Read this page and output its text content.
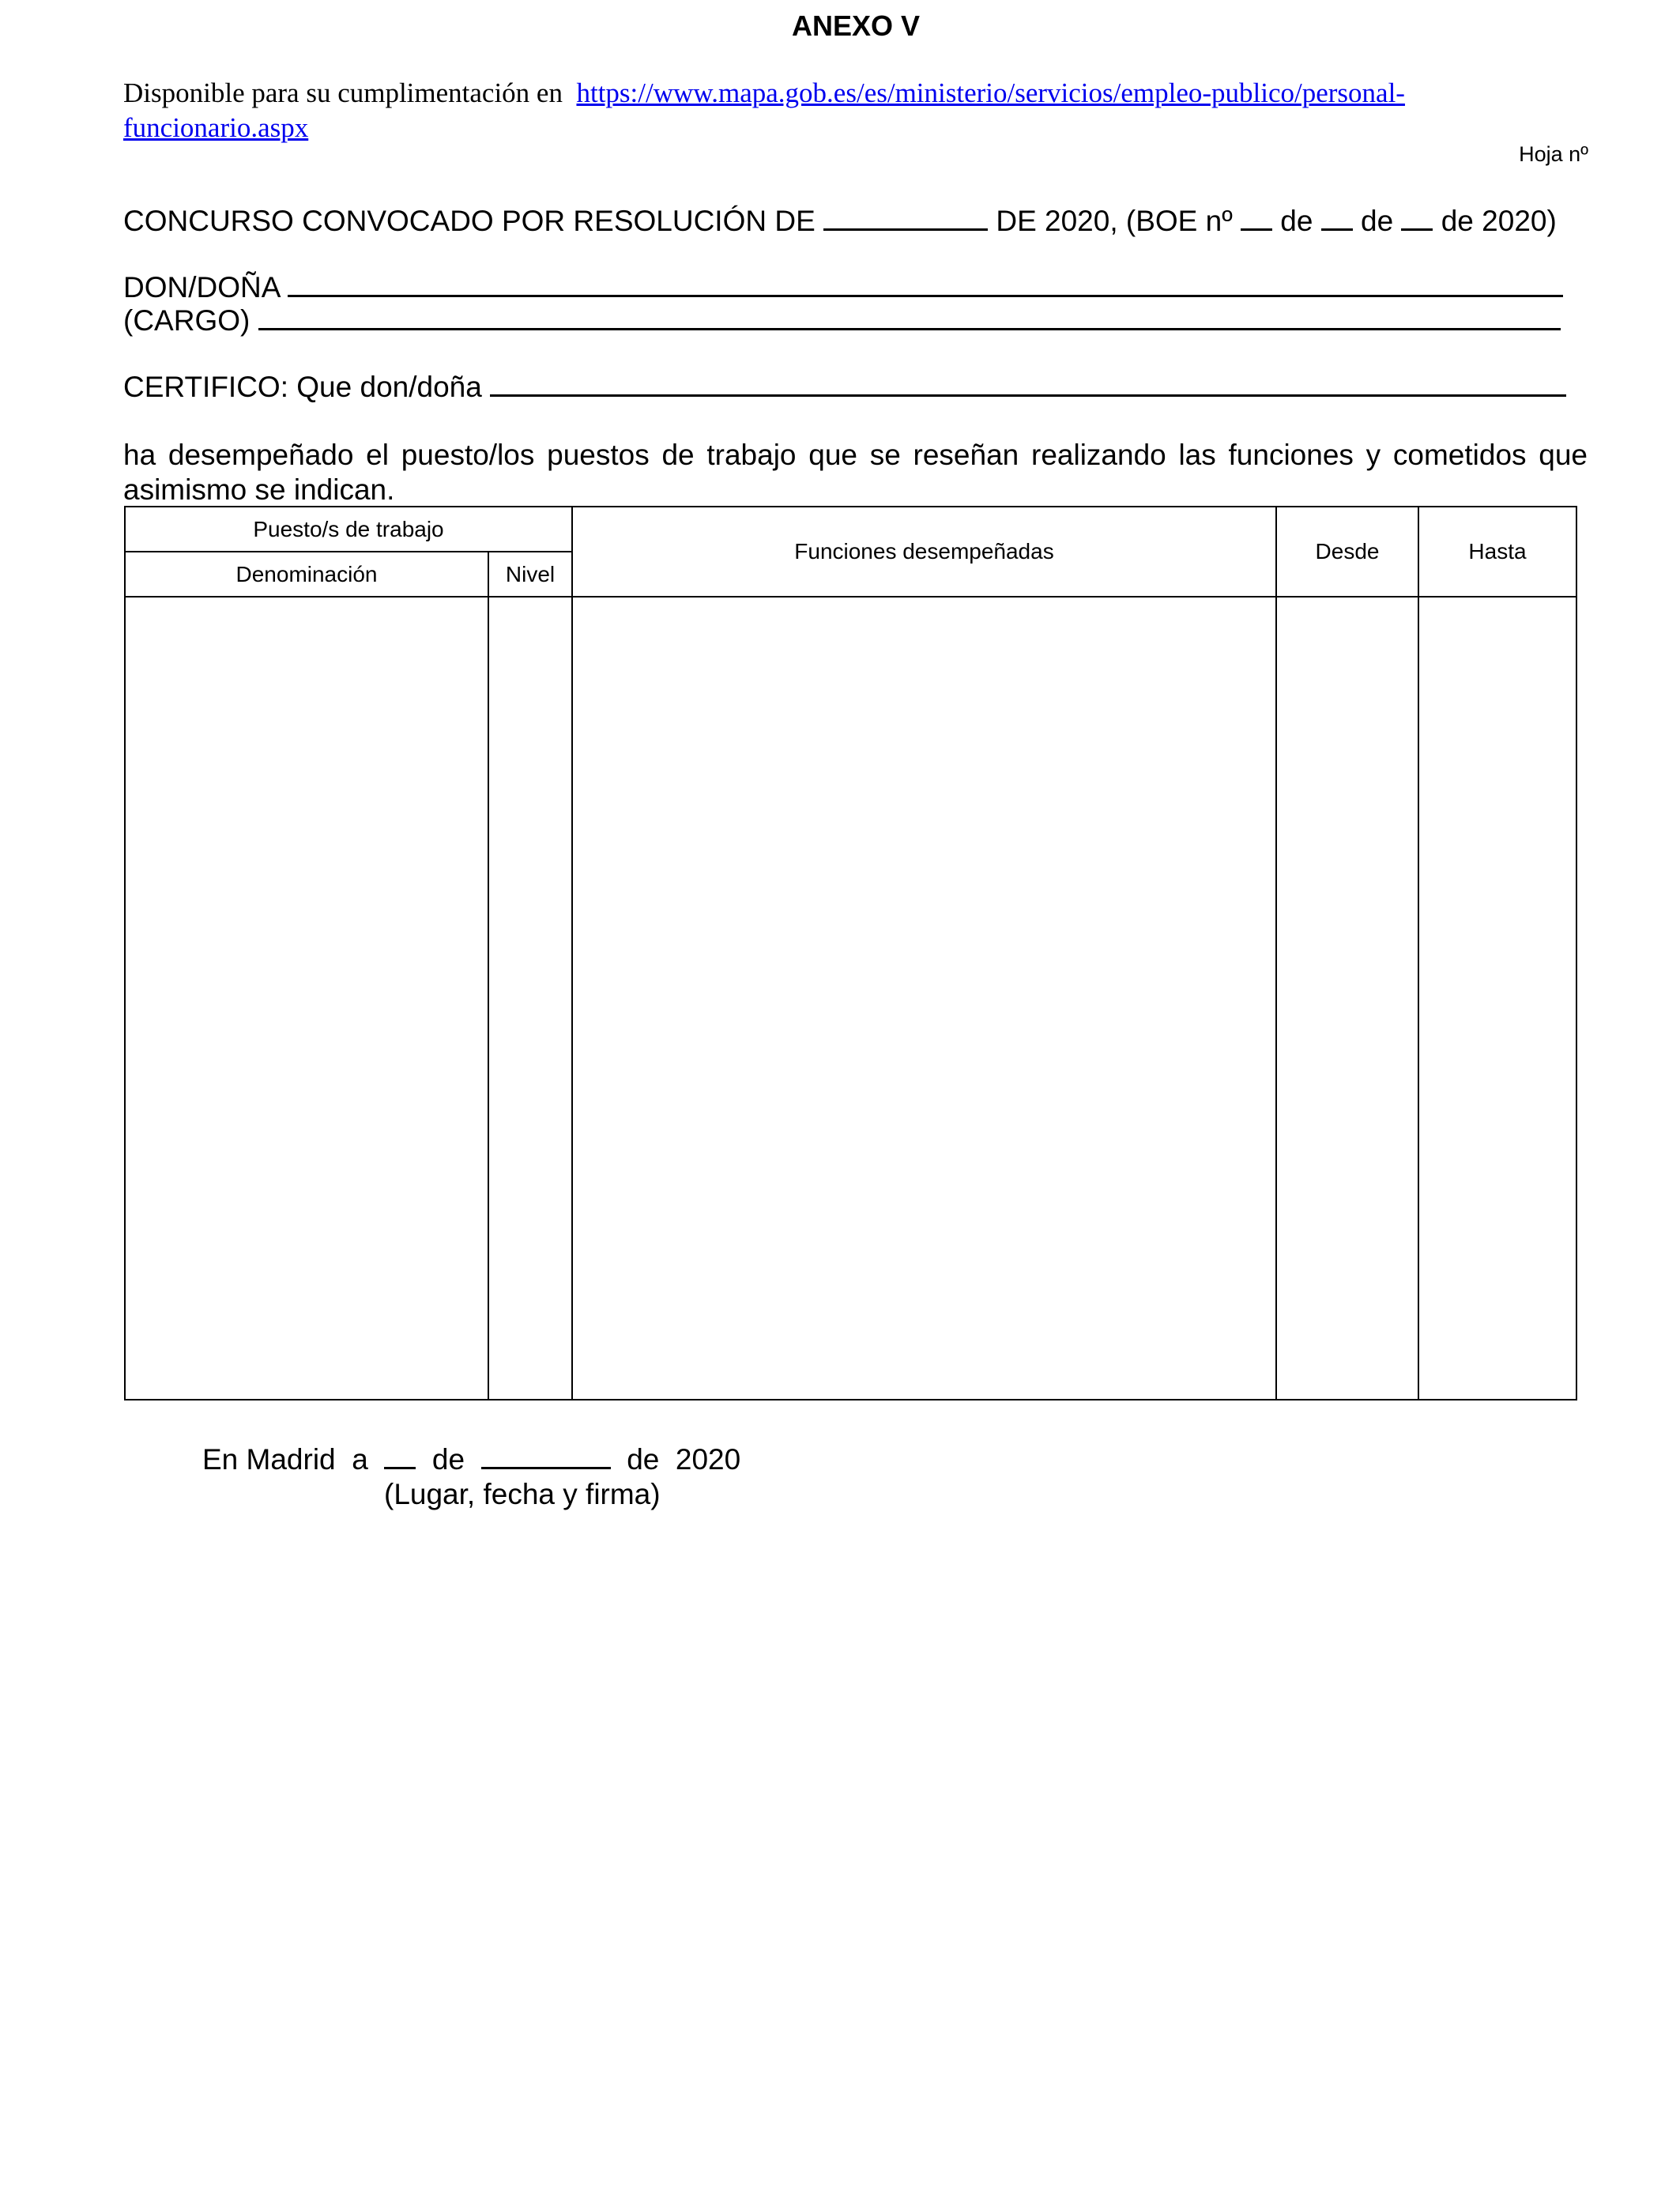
ANEXO V
Disponible para su cumplimentación en https://www.mapa.gob.es/es/ministerio/servicios/empleo-publico/personal-
funcionario.aspx
Hoja nº
CONCURSO CONVOCADO POR RESOLUCIÓN DE	DE 2020, (BOE nº de de de 2020)
DON/DOÑA
(CARGO)
CERTIFICO: Que don/doña
ha desempeñado el puesto/los puestos de trabajo que se reseñan realizando las funciones y cometidos que asimismo se indican.
Puesto/s de trabajo		Funciones desempeñadas	Desde	Hasta
Denominación	Nivel			

En Madrid a de	de 2020
(Lugar, fecha y firma)
